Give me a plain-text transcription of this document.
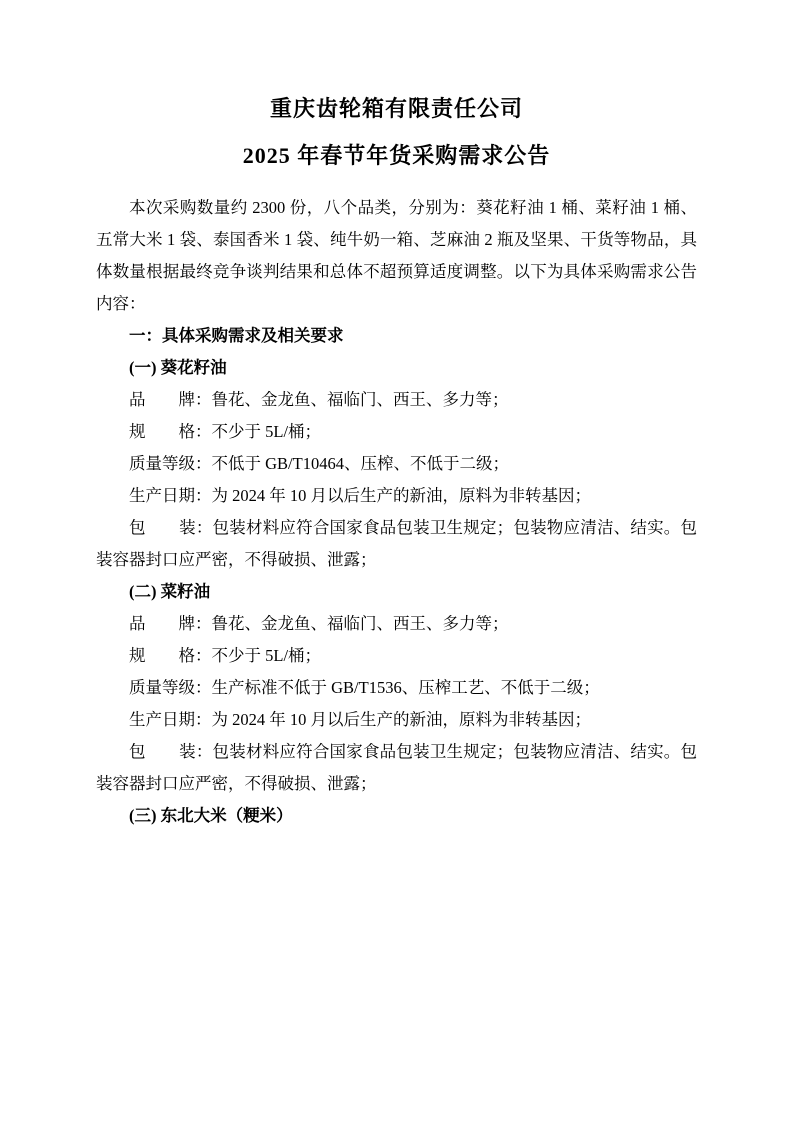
重庆齿轮箱有限责任公司
2025 年春节年货采购需求公告

本次采购数量约 2300 份，八个品类，分别为：葵花籽油 1 桶、菜籽油 1 桶、五常大米 1 袋、泰国香米 1 袋、纯牛奶一箱、芝麻油 2 瓶及坚果、干货等物品，具体数量根据最终竞争谈判结果和总体不超预算适度调整。以下为具体采购需求公告内容：

一：具体采购需求及相关要求

(一) 葵花籽油

品　　牌：鲁花、金龙鱼、福临门、西王、多力等；

规　　格：不少于 5L/桶；

质量等级：不低于 GB/T10464、压榨、不低于二级；

生产日期：为 2024 年 10 月以后生产的新油，原料为非转基因；

包　　装：包装材料应符合国家食品包装卫生规定；包装物应清洁、结实。包装容器封口应严密，不得破损、泄露；

(二) 菜籽油

品　　牌：鲁花、金龙鱼、福临门、西王、多力等；

规　　格：不少于 5L/桶；

质量等级：生产标准不低于 GB/T1536、压榨工艺、不低于二级；

生产日期：为 2024 年 10 月以后生产的新油，原料为非转基因；

包　　装：包装材料应符合国家食品包装卫生规定；包装物应清洁、结实。包装容器封口应严密，不得破损、泄露；

(三) 东北大米（粳米）
